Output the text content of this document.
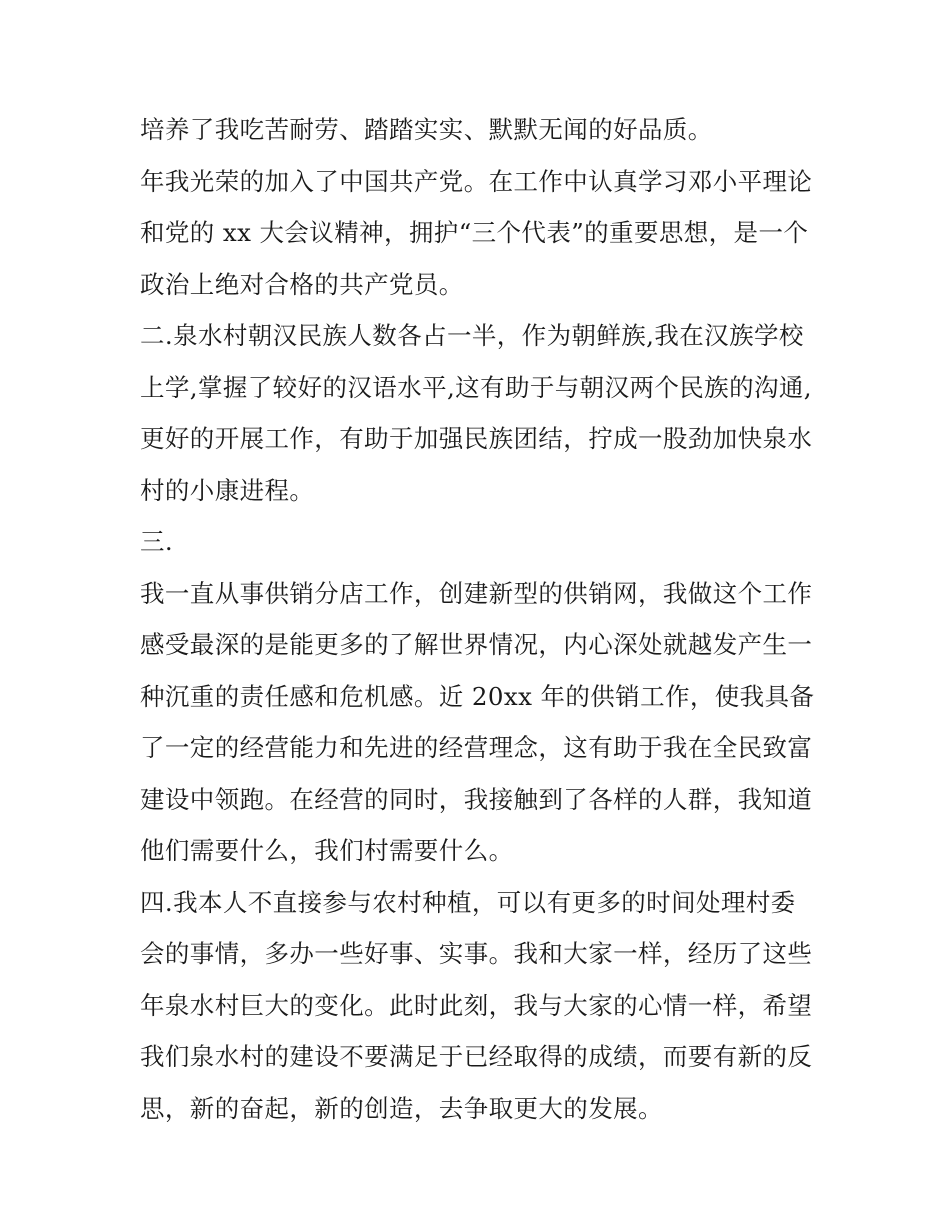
培养了我吃苦耐劳、踏踏实实、默默无闻的好品质。
年我光荣的加入了中国共产党。在工作中认真学习邓小平理论
和党的 xx 大会议精神，拥护“三个代表”的重要思想，是一个
政治上绝对合格的共产党员。
二.泉水村朝汉民族人数各占一半，作为朝鲜族,我在汉族学校
上学,掌握了较好的汉语水平,这有助于与朝汉两个民族的沟通,
更好的开展工作，有助于加强民族团结，拧成一股劲加快泉水
村的小康进程。
三.
我一直从事供销分店工作，创建新型的供销网，我做这个工作
感受最深的是能更多的了解世界情况，内心深处就越发产生一
种沉重的责任感和危机感。近 20xx 年的供销工作，使我具备
了一定的经营能力和先进的经营理念，这有助于我在全民致富
建设中领跑。在经营的同时，我接触到了各样的人群，我知道
他们需要什么，我们村需要什么。
四.我本人不直接参与农村种植，可以有更多的时间处理村委
会的事情，多办一些好事、实事。我和大家一样，经历了这些
年泉水村巨大的变化。此时此刻，我与大家的心情一样，希望
我们泉水村的建设不要满足于已经取得的成绩，而要有新的反
思，新的奋起，新的创造，去争取更大的发展。
